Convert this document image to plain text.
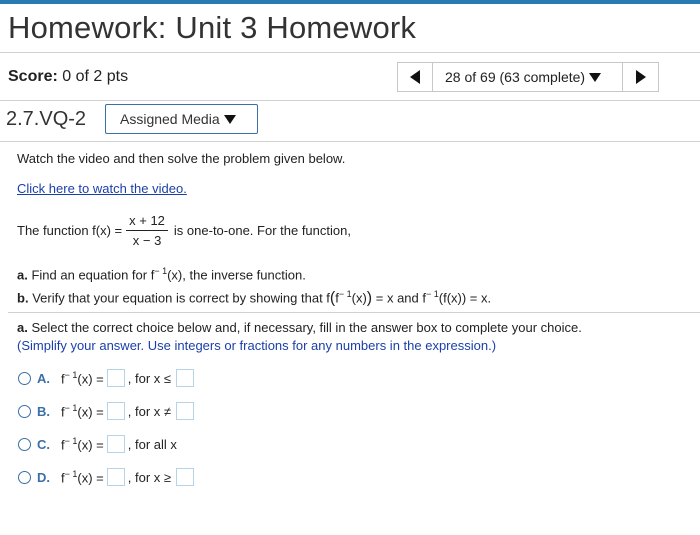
Homework: Unit 3 Homework
Score: 0 of 2 pts	28 of 69 (63 complete)
2.7.VQ-2 Assigned Media
Watch the video and then solve the problem given below.
Click here to watch the video.
The function $f(x) = \frac{x + 12}{x - 3}$ is one-to-one. For the function,
a. Find an equation for $f^{- 1}(x)$, the inverse function.
b. Verify that your equation is correct by showing that $f(f^{- 1}(x)) = x$ and $f^{- 1}(f(x)) = x$.
a. Select the correct choice below and, if necessary, fill in the answer box to complete your choice.
(Simplify your answer. Use integers or fractions for any numbers in the expression.)
A. $f^{- 1}(x)$ = , for x ≤
B. $f^{- 1}(x)$ = , for x ≠
C. $f^{- 1}(x)$ = , for all x
D. $f^{- 1}(x)$ = , for x ≥
